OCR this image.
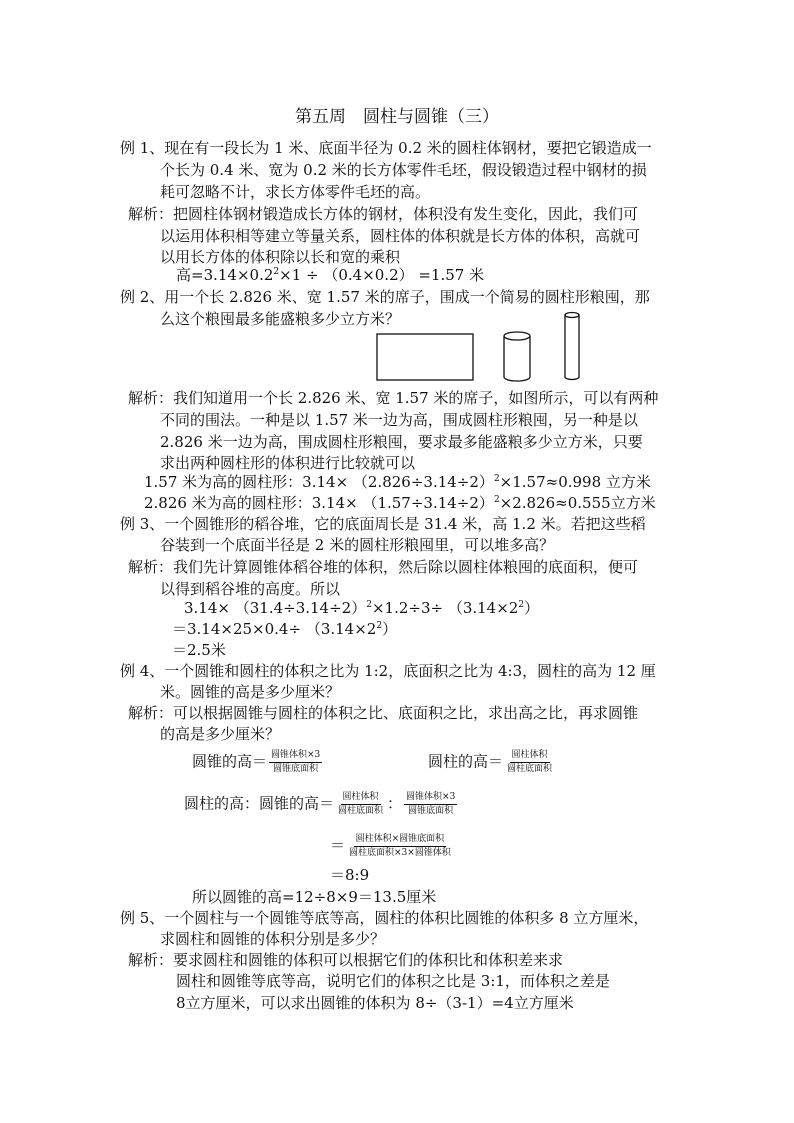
第五周　圆柱与圆锥（三）
例 1、现在有一段长为 1 米、底面半径为 0.2 米的圆柱体钢材，要把它锻造成一
个长为 0.4 米、宽为 0.2 米的长方体零件毛坯，假设锻造过程中钢材的损
耗可忽略不计，求长方体零件毛坯的高。
解析：把圆柱体钢材锻造成长方体的钢材，体积没有发生变化，因此，我们可
以运用体积相等建立等量关系，圆柱体的体积就是长方体的体积，高就可
以用长方体的体积除以长和宽的乘积
高$=3.14\times 0.2^2\times 1 \div (0.4\times 0.2) =1.57$ 米
例 2、用一个长 2.826 米、宽 1.57 米的席子，围成一个简易的圆柱形粮囤，那
么这个粮囤最多能盛粮多少立方米？
解析：我们知道用一个长 2.826 米、宽 1.57 米的席子，如图所示，可以有两种
不同的围法。一种是以 1.57 米一边为高，围成圆柱形粮囤，另一种是以
2.826 米一边为高，围成圆柱形粮囤，要求最多能盛粮多少立方米，只要
求出两种圆柱形的体积进行比较就可以
1.57 米为高的圆柱形：$3.14\times (2.826\div 3.14\div 2)^2\times 1.57\approx 0.998$ 立方米
2.826 米为高的圆柱形：$3.14\times (1.57\div 3.14\div 2)^2\times 2.826\approx 0.555$立方米
例 3、一个圆锥形的稻谷堆，它的底面周长是 31.4 米，高 1.2 米。若把这些稻
谷装到一个底面半径是 2 米的圆柱形粮囤里，可以堆多高？
解析：我们先计算圆锥体稻谷堆的体积，然后除以圆柱体粮囤的底面积，便可
以得到稻谷堆的高度。所以
$3.14\times (31.4\div 3.14\div 2)^2\times 1.2\div 3\div (3.14\times 2^2)$
$=3.14\times 25\times 0.4\div (3.14\times 2^2)$
＝2.5米
例 4、一个圆锥和圆柱的体积之比为 1:2，底面积之比为 4:3，圆柱的高为 12 厘
米。圆锥的高是多少厘米？
解析：可以根据圆锥与圆柱的体积之比、底面积之比，求出高之比，再求圆锥
的高是多少厘米？
圆锥的高＝ 圆锥体积×3
圆锥底面积	圆柱的高＝ 圆柱体积
圆柱底面积
圆柱的高：圆锥的高＝ 圆柱体积
圆柱底面积 ： 圆锥体积×3
圆锥底面积
＝ 圆柱体积×圆锥底面积
圆柱底面积×3×圆锥体积
＝8:9
所以圆锥的高=12÷8×9＝13.5厘米
例 5、一个圆柱与一个圆锥等底等高，圆柱的体积比圆锥的体积多 8 立方厘米，
求圆柱和圆锥的体积分别是多少？
解析：要求圆柱和圆锥的体积可以根据它们的体积比和体积差来求
圆柱和圆锥等底等高，说明它们的体积之比是 3:1，而体积之差是
8立方厘米，可以求出圆锥的体积为 8÷（3-1）=4立方厘米
